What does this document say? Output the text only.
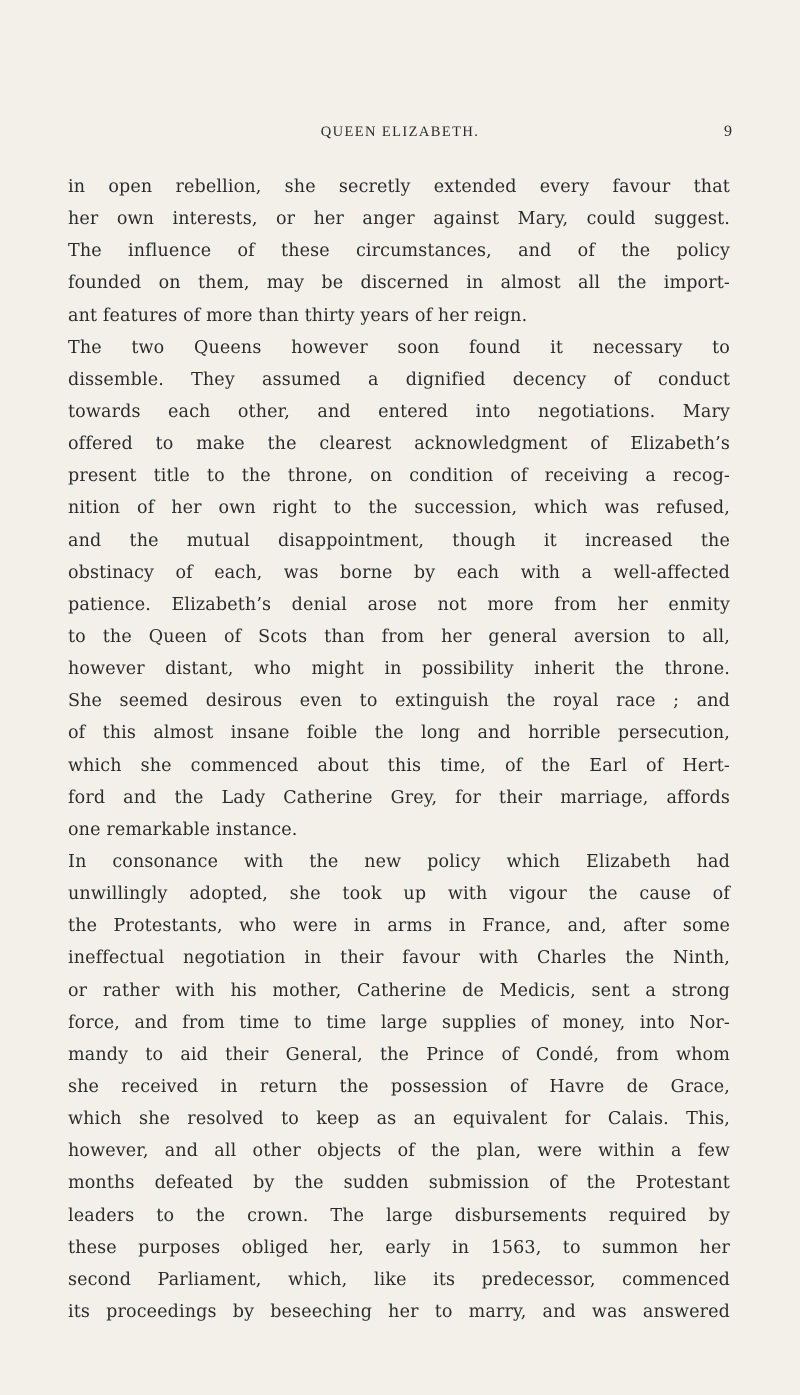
QUEEN ELIZABETH.	9
in open rebellion, she secretly extended every favour that
her own interests, or her anger against Mary, could suggest.
The influence of these circumstances, and of the policy
founded on them, may be discerned in almost all the import-
ant features of more than thirty years of her reign.
The two Queens however soon found it necessary to
dissemble. They assumed a dignified decency of conduct
towards each other, and entered into negotiations. Mary
offered to make the clearest acknowledgment of Elizabeth’s
present title to the throne, on condition of receiving a recog-
nition of her own right to the succession, which was refused,
and the mutual disappointment, though it increased the
obstinacy of each, was borne by each with a well-affected
patience. Elizabeth’s denial arose not more from her enmity
to the Queen of Scots than from her general aversion to all,
however distant, who might in possibility inherit the throne.
She seemed desirous even to extinguish the royal race ; and
of this almost insane foible the long and horrible persecution,
which she commenced about this time, of the Earl of Hert-
ford and the Lady Catherine Grey, for their marriage, affords
one remarkable instance.
In consonance with the new policy which Elizabeth had
unwillingly adopted, she took up with vigour the cause of
the Protestants, who were in arms in France, and, after some
ineffectual negotiation in their favour with Charles the Ninth,
or rather with his mother, Catherine de Medicis, sent a strong
force, and from time to time large supplies of money, into Nor-
mandy to aid their General, the Prince of Condé, from whom
she received in return the possession of Havre de Grace,
which she resolved to keep as an equivalent for Calais. This,
however, and all other objects of the plan, were within a few
months defeated by the sudden submission of the Protestant
leaders to the crown. The large disbursements required by
these purposes obliged her, early in 1563, to summon her
second Parliament, which, like its predecessor, commenced
its proceedings by beseeching her to marry, and was answered
